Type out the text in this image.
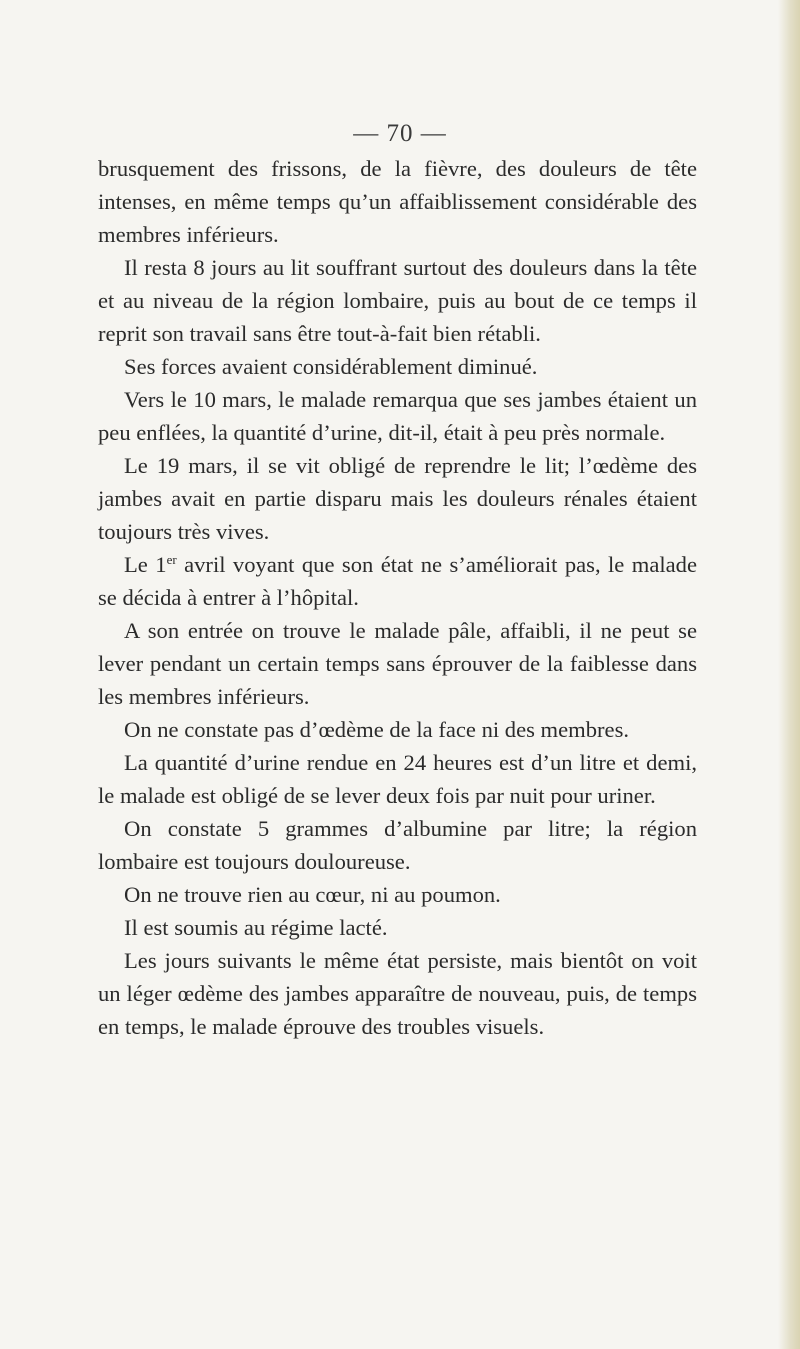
— 70 —

brusquement des frissons, de la fièvre, des douleurs de tête intenses, en même temps qu’un affaiblissement considérable des membres inférieurs.

Il resta 8 jours au lit souffrant surtout des douleurs dans la tête et au niveau de la région lombaire, puis au bout de ce temps il reprit son travail sans être tout-à-fait bien rétabli.

Ses forces avaient considérablement diminué.

Vers le 10 mars, le malade remarqua que ses jambes étaient un peu enflées, la quantité d’urine, dit-il, était à peu près normale.

Le 19 mars, il se vit obligé de reprendre le lit; l’œdème des jambes avait en partie disparu mais les douleurs rénales étaient toujours très vives.

Le 1er avril voyant que son état ne s’améliorait pas, le malade se décida à entrer à l’hôpital.

A son entrée on trouve le malade pâle, affaibli, il ne peut se lever pendant un certain temps sans éprouver de la faiblesse dans les membres inférieurs.

On ne constate pas d’œdème de la face ni des membres.

La quantité d’urine rendue en 24 heures est d’un litre et demi, le malade est obligé de se lever deux fois par nuit pour uriner.

On constate 5 grammes d’albumine par litre; la région lombaire est toujours douloureuse.

On ne trouve rien au cœur, ni au poumon.

Il est soumis au régime lacté.

Les jours suivants le même état persiste, mais bientôt on voit un léger œdème des jambes apparaître de nouveau, puis, de temps en temps, le malade éprouve des troubles visuels.
